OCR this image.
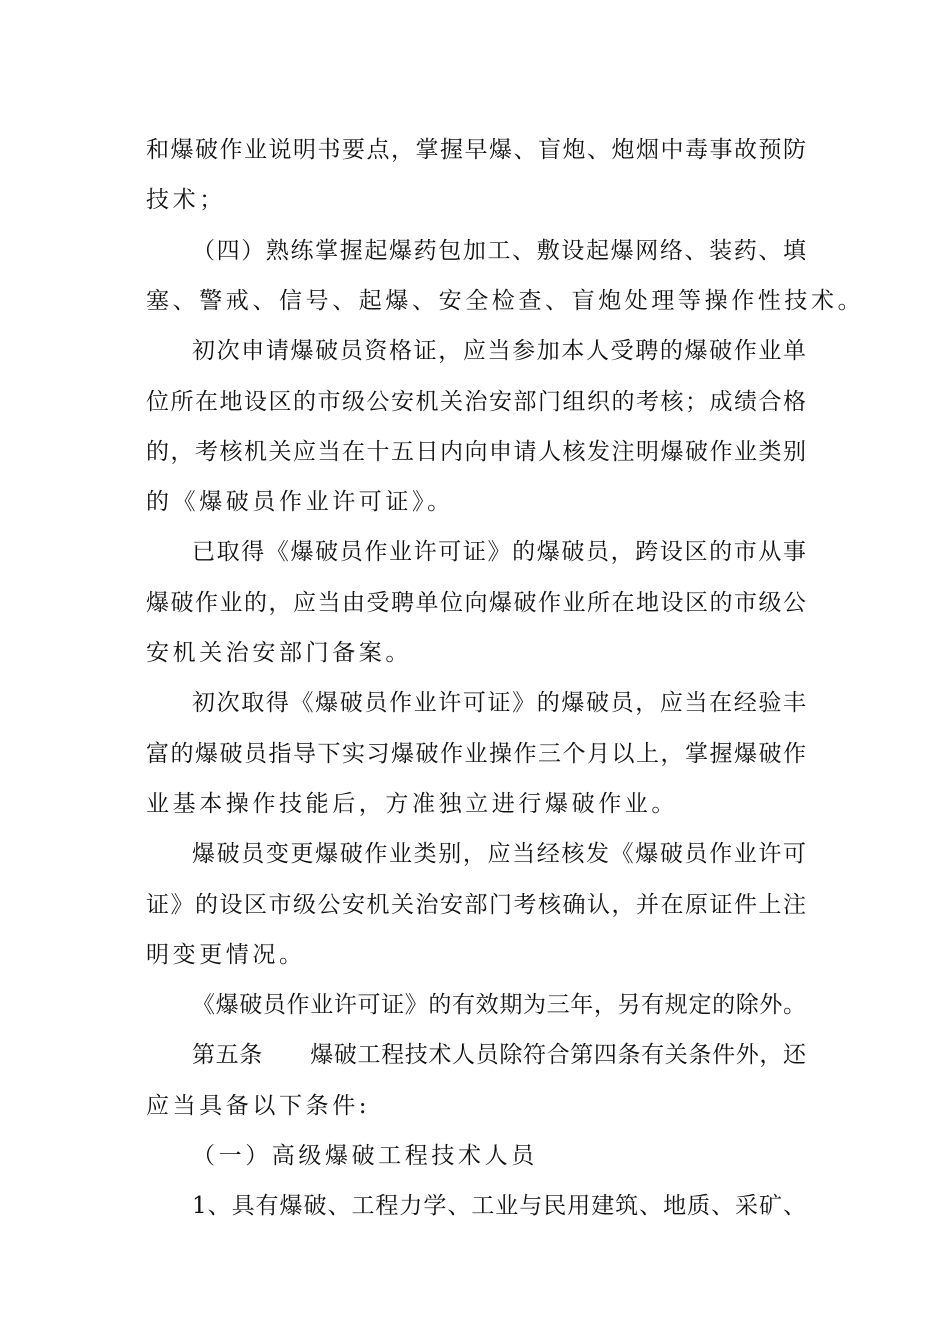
和爆破作业说明书要点，掌握早爆、盲炮、炮烟中毒事故预防
技术；
（四）熟练掌握起爆药包加工、敷设起爆网络、装药、填
塞、警戒、信号、起爆、安全检查、盲炮处理等操作性技术。
初次申请爆破员资格证，应当参加本人受聘的爆破作业单
位所在地设区的市级公安机关治安部门组织的考核；成绩合格
的，考核机关应当在十五日内向申请人核发注明爆破作业类别
的《爆破员作业许可证》。
已取得《爆破员作业许可证》的爆破员，跨设区的市从事
爆破作业的，应当由受聘单位向爆破作业所在地设区的市级公
安机关治安部门备案。
初次取得《爆破员作业许可证》的爆破员，应当在经验丰
富的爆破员指导下实习爆破作业操作三个月以上，掌握爆破作
业基本操作技能后，方准独立进行爆破作业。
爆破员变更爆破作业类别，应当经核发《爆破员作业许可
证》的设区市级公安机关治安部门考核确认，并在原证件上注
明变更情况。
《爆破员作业许可证》的有效期为三年，另有规定的除外。
第五条　　爆破工程技术人员除符合第四条有关条件外，还
应当具备以下条件:
（一）高级爆破工程技术人员
1、具有爆破、工程力学、工业与民用建筑、地质、采矿、
